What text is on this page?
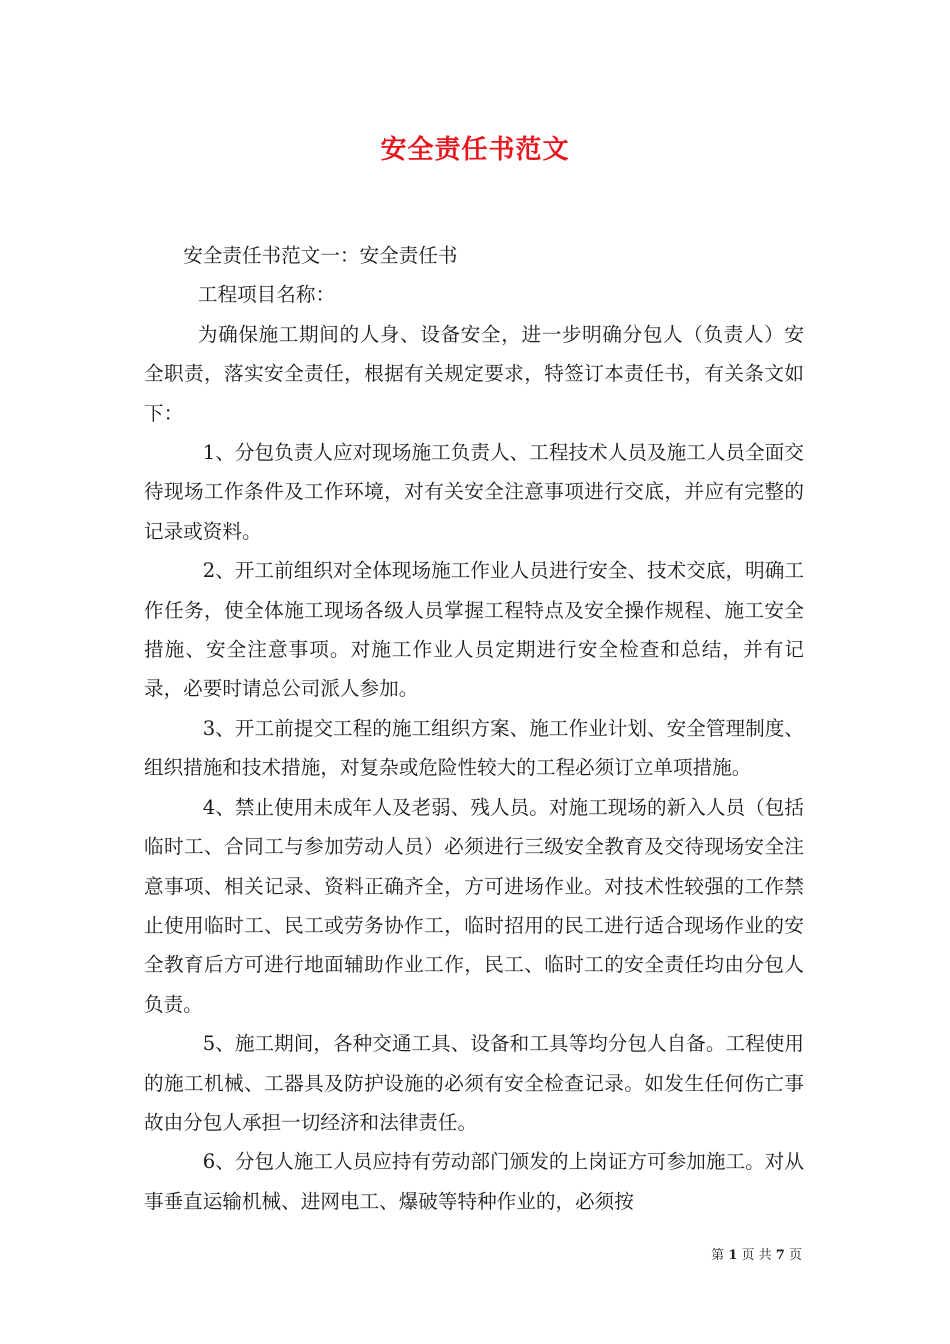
安全责任书范文

安全责任书范文一：安全责任书

工程项目名称：

为确保施工期间的人身、设备安全，进一步明确分包人（负责人）安全职责，落实安全责任，根据有关规定要求，特签订本责任书，有关条文如下：

1、分包负责人应对现场施工负责人、工程技术人员及施工人员全面交待现场工作条件及工作环境，对有关安全注意事项进行交底，并应有完整的记录或资料。

2、开工前组织对全体现场施工作业人员进行安全、技术交底，明确工作任务，使全体施工现场各级人员掌握工程特点及安全操作规程、施工安全措施、安全注意事项。对施工作业人员定期进行安全检查和总结，并有记录，必要时请总公司派人参加。

3、开工前提交工程的施工组织方案、施工作业计划、安全管理制度、组织措施和技术措施，对复杂或危险性较大的工程必须订立单项措施。

4、禁止使用未成年人及老弱、残人员。对施工现场的新入人员（包括临时工、合同工与参加劳动人员）必须进行三级安全教育及交待现场安全注意事项、相关记录、资料正确齐全，方可进场作业。对技术性较强的工作禁止使用临时工、民工或劳务协作工，临时招用的民工进行适合现场作业的安全教育后方可进行地面辅助作业工作，民工、临时工的安全责任均由分包人负责。

5、施工期间，各种交通工具、设备和工具等均分包人自备。工程使用的施工机械、工器具及防护设施的必须有安全检查记录。如发生任何伤亡事故由分包人承担一切经济和法律责任。

6、分包人施工人员应持有劳动部门颁发的上岗证方可参加施工。对从事垂直运输机械、进网电工、爆破等特种作业的，必须按

第 1 页 共 7 页
